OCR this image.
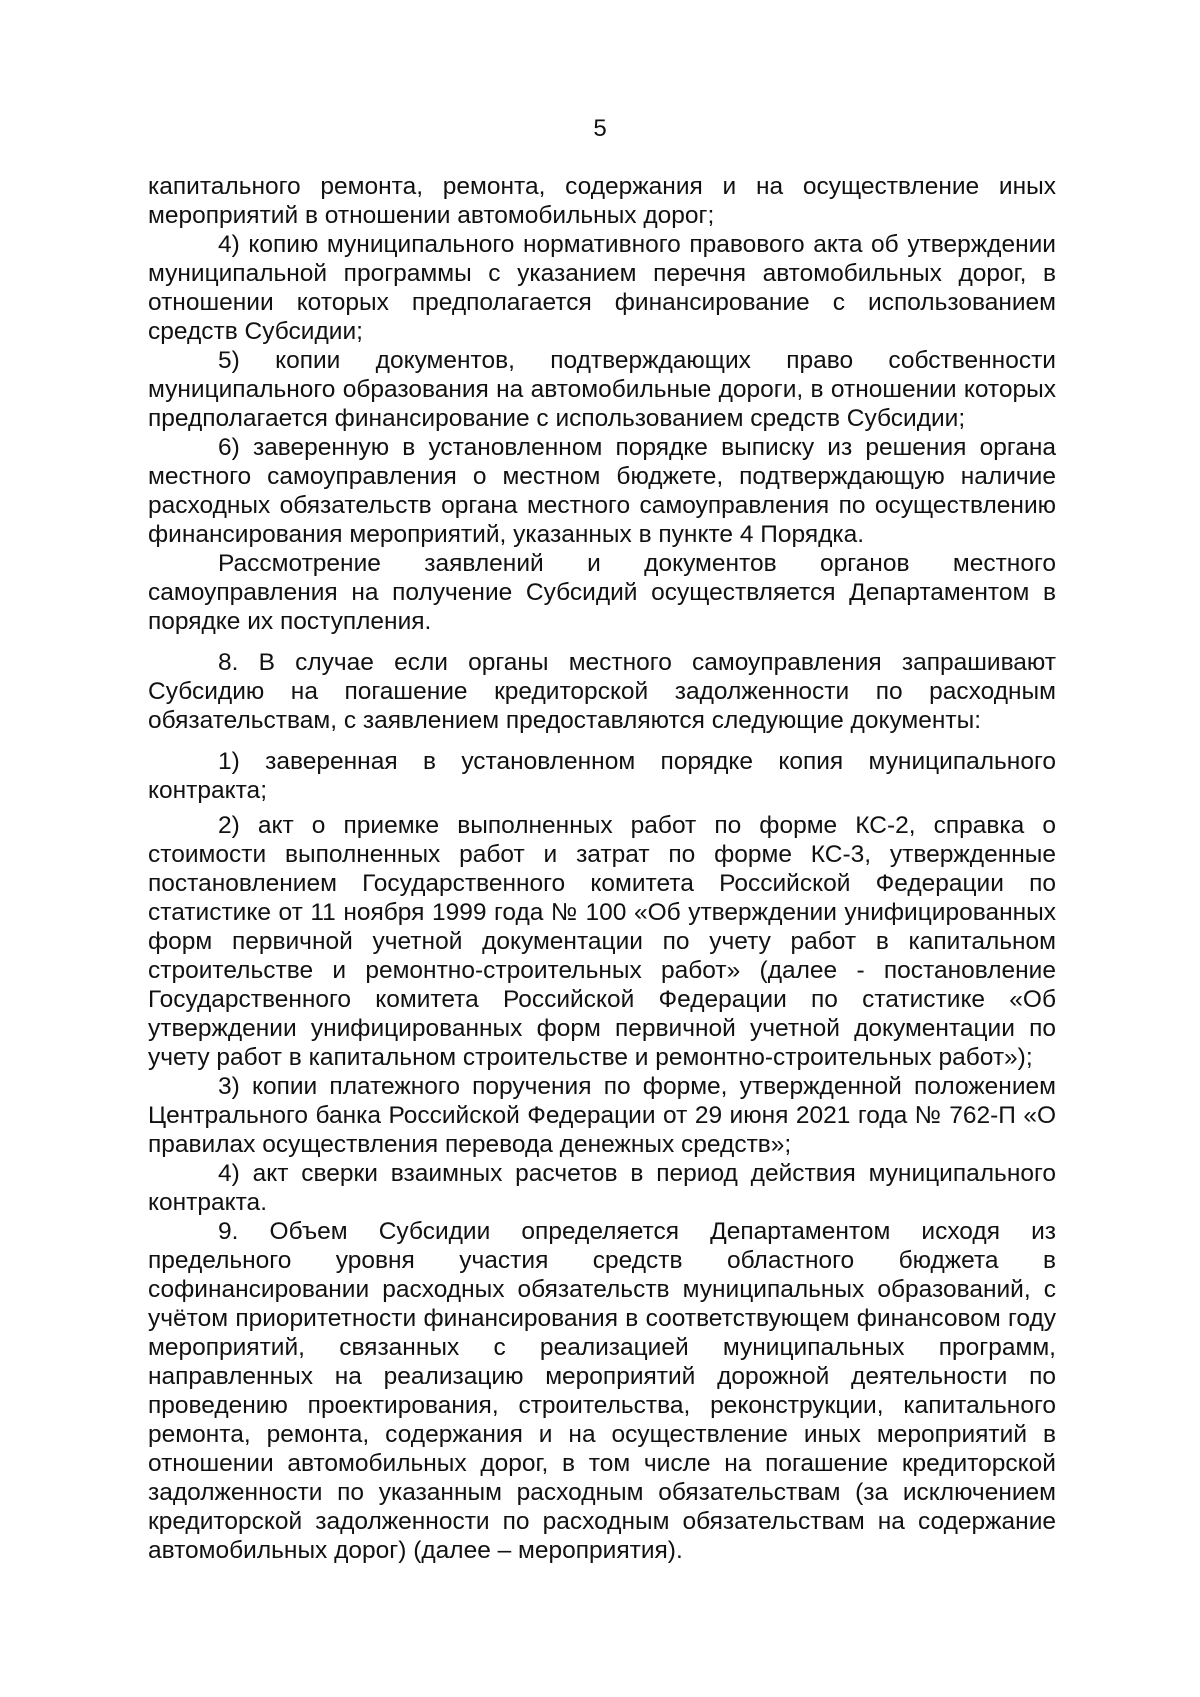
5

капитального ремонта, ремонта, содержания и на осуществление иных мероприятий в отношении автомобильных дорог;

4) копию муниципального нормативного правового акта об утверждении муниципальной программы с указанием перечня автомобильных дорог, в отношении которых предполагается финансирование с использованием средств Субсидии;

5) копии документов, подтверждающих право собственности муниципального образования на автомобильные дороги, в отношении которых предполагается финансирование с использованием средств Субсидии;

6) заверенную в установленном порядке выписку из решения органа местного самоуправления о местном бюджете, подтверждающую наличие расходных обязательств органа местного самоуправления по осуществлению финансирования мероприятий, указанных в пункте 4 Порядка.

Рассмотрение заявлений и документов органов местного самоуправления на получение Субсидий осуществляется Департаментом в порядке их поступления.

8. В случае если органы местного самоуправления запрашивают Субсидию на погашение кредиторской задолженности по расходным обязательствам, с заявлением предоставляются следующие документы:

1) заверенная в установленном порядке копия муниципального контракта;

2) акт о приемке выполненных работ по форме КС-2, справка о стоимости выполненных работ и затрат по форме КС-3, утвержденные постановлением Государственного комитета Российской Федерации по статистике от 11 ноября 1999 года № 100 «Об утверждении унифицированных форм первичной учетной документации по учету работ в капитальном строительстве и ремонтно-строительных работ» (далее - постановление Государственного комитета Российской Федерации по статистике «Об утверждении унифицированных форм первичной учетной документации по учету работ в капитальном строительстве и ремонтно-строительных работ»);

3) копии платежного поручения по форме, утвержденной положением Центрального банка Российской Федерации от 29 июня 2021 года № 762-П «О правилах осуществления перевода денежных средств»;

4) акт сверки взаимных расчетов в период действия муниципального контракта.

9. Объем Субсидии определяется Департаментом исходя из предельного уровня участия средств областного бюджета в софинансировании расходных обязательств муниципальных образований, с учётом приоритетности финансирования в соответствующем финансовом году мероприятий, связанных с реализацией муниципальных программ, направленных на реализацию мероприятий дорожной деятельности по проведению проектирования, строительства, реконструкции, капитального ремонта, ремонта, содержания и на осуществление иных мероприятий в отношении автомобильных дорог, в том числе на погашение кредиторской задолженности по указанным расходным обязательствам (за исключением кредиторской задолженности по расходным обязательствам на содержание автомобильных дорог) (далее – мероприятия).
